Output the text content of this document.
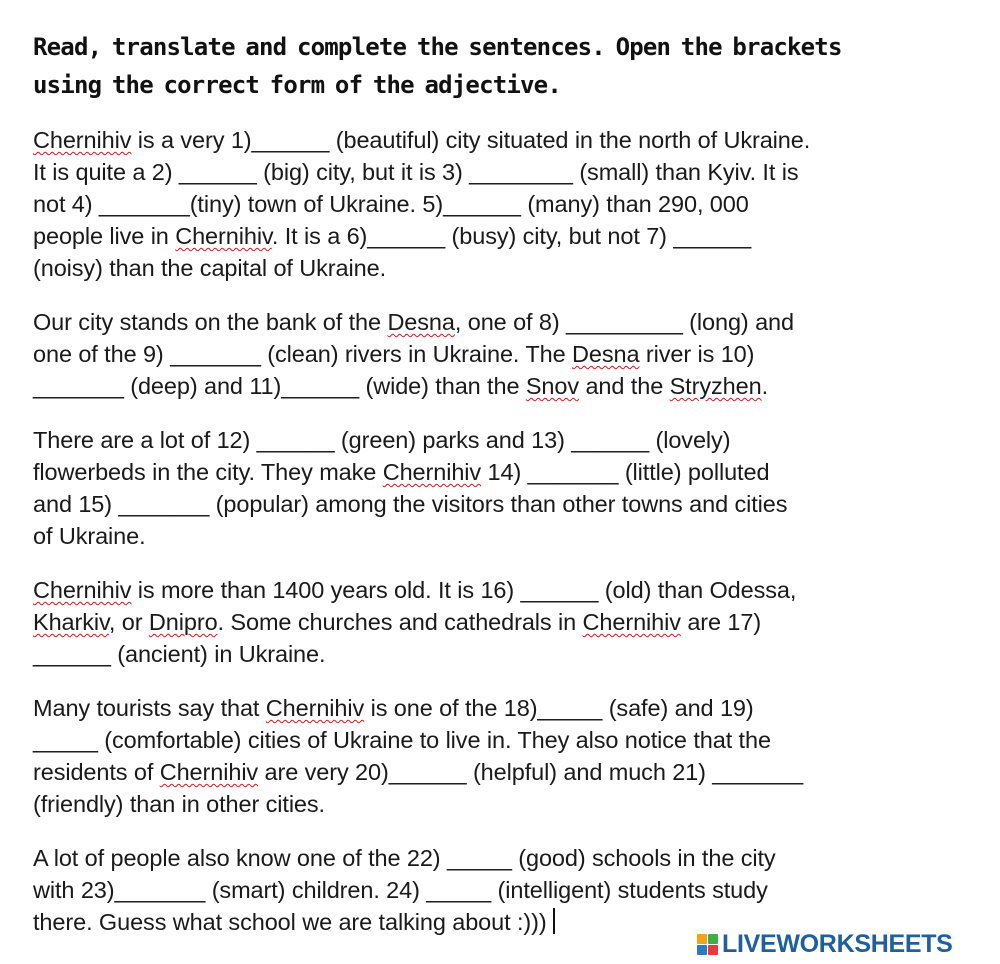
Read, translate and complete the sentences. Open the brackets
using the correct form of the adjective.
Chernihiv is a very 1)______ (beautiful) city situated in the north of Ukraine.
It is quite a 2) ______ (big) city, but it is 3) ________ (small) than Kyiv. It is
not 4) _______(tiny) town of Ukraine. 5)______ (many) than 290, 000
people live in Chernihiv. It is a 6)______ (busy) city, but not 7) ______
(noisy) than the capital of Ukraine.
Our city stands on the bank of the Desna, one of 8) _________ (long) and
one of the 9) _______ (clean) rivers in Ukraine. The Desna river is 10)
_______ (deep) and 11)______ (wide) than the Snov and the Stryzhen.
There are a lot of 12) ______ (green) parks and 13) ______ (lovely)
flowerbeds in the city. They make Chernihiv 14) _______ (little) polluted
and 15) _______ (popular) among the visitors than other towns and cities
of Ukraine.
Chernihiv is more than 1400 years old. It is 16) ______ (old) than Odessa,
Kharkiv, or Dnipro. Some churches and cathedrals in Chernihiv are 17)
______ (ancient) in Ukraine.
Many tourists say that Chernihiv is one of the 18)_____ (safe) and 19)
_____ (comfortable) cities of Ukraine to live in. They also notice that the
residents of Chernihiv are very 20)______ (helpful) and much 21) _______
(friendly) than in other cities.
A lot of people also know one of the 22) _____ (good) schools in the city
with 23)_______ (smart) children. 24) _____ (intelligent) students study
there. Guess what school we are talking about :)))
LIVEWORKSHEETS
